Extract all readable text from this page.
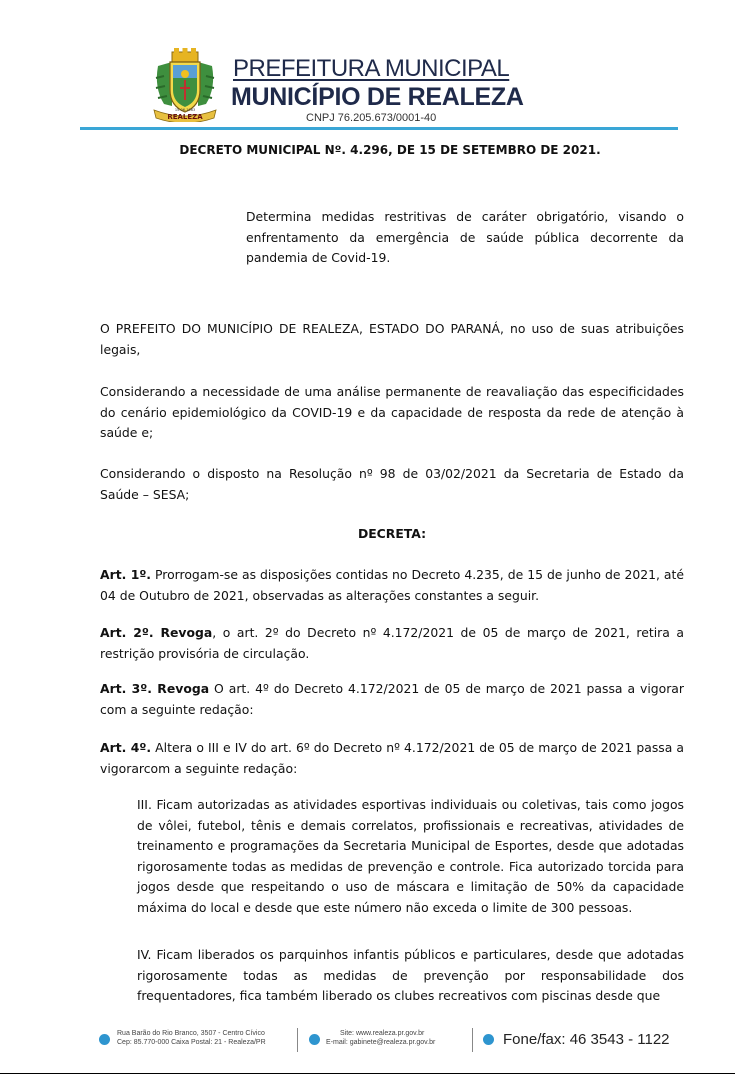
REALEZA
15-06-1963
PREFEITURA MUNICIPAL
MUNICÍPIO DE REALEZA
CNPJ 76.205.673/0001-40
DECRETO MUNICIPAL Nº. 4.296, DE 15 DE SETEMBRO DE 2021.
Determina medidas restritivas de caráter obrigatório, visando o enfrentamento da emergência de saúde pública decorrente da pandemia de Covid-19.
O PREFEITO DO MUNICÍPIO DE REALEZA, ESTADO DO PARANÁ, no uso de suas atribuições legais,
Considerando a necessidade de uma análise permanente de reavaliação das especificidades do cenário epidemiológico da COVID-19 e da capacidade de resposta da rede de atenção à saúde e;
Considerando o disposto na Resolução nº 98 de 03/02/2021 da Secretaria de Estado da Saúde – SESA;
DECRETA:
Art. 1º. Prorrogam-se as disposições contidas no Decreto 4.235, de 15 de junho de 2021, até 04 de Outubro de 2021, observadas as alterações constantes a seguir.
Art. 2º. Revoga, o art. 2º do Decreto nº 4.172/2021 de 05 de março de 2021, retira a restrição provisória de circulação.
Art. 3º. Revoga O art. 4º do Decreto 4.172/2021 de 05 de março de 2021 passa a vigorar com a seguinte redação:
Art. 4º. Altera o III e IV do art. 6º do Decreto nº 4.172/2021 de 05 de março de 2021 passa a vigorarcom a seguinte redação:
III. Ficam autorizadas as atividades esportivas individuais ou coletivas, tais como jogos de vôlei, futebol, tênis e demais correlatos, profissionais e recreativas, atividades de treinamento e programações da Secretaria Municipal de Esportes, desde que adotadas rigorosamente todas as medidas de prevenção e controle. Fica autorizado torcida para jogos desde que respeitando o uso de máscara e limitação de 50% da capacidade máxima do local e desde que este número não exceda o limite de 300 pessoas.
IV. Ficam liberados os parquinhos infantis públicos e particulares, desde que adotadas rigorosamente todas as medidas de prevenção por responsabilidade dos frequentadores, fica também liberado os clubes recreativos com piscinas desde que
Rua Barão do Rio Branco, 3507 - Centro Cívico
Cep: 85.770-000 Caixa Postal: 21 - Realeza/PR
Site: www.realeza.pr.gov.br
E-mail: gabinete@realeza.pr.gov.br	Fone/fax: 46 3543 - 1122
